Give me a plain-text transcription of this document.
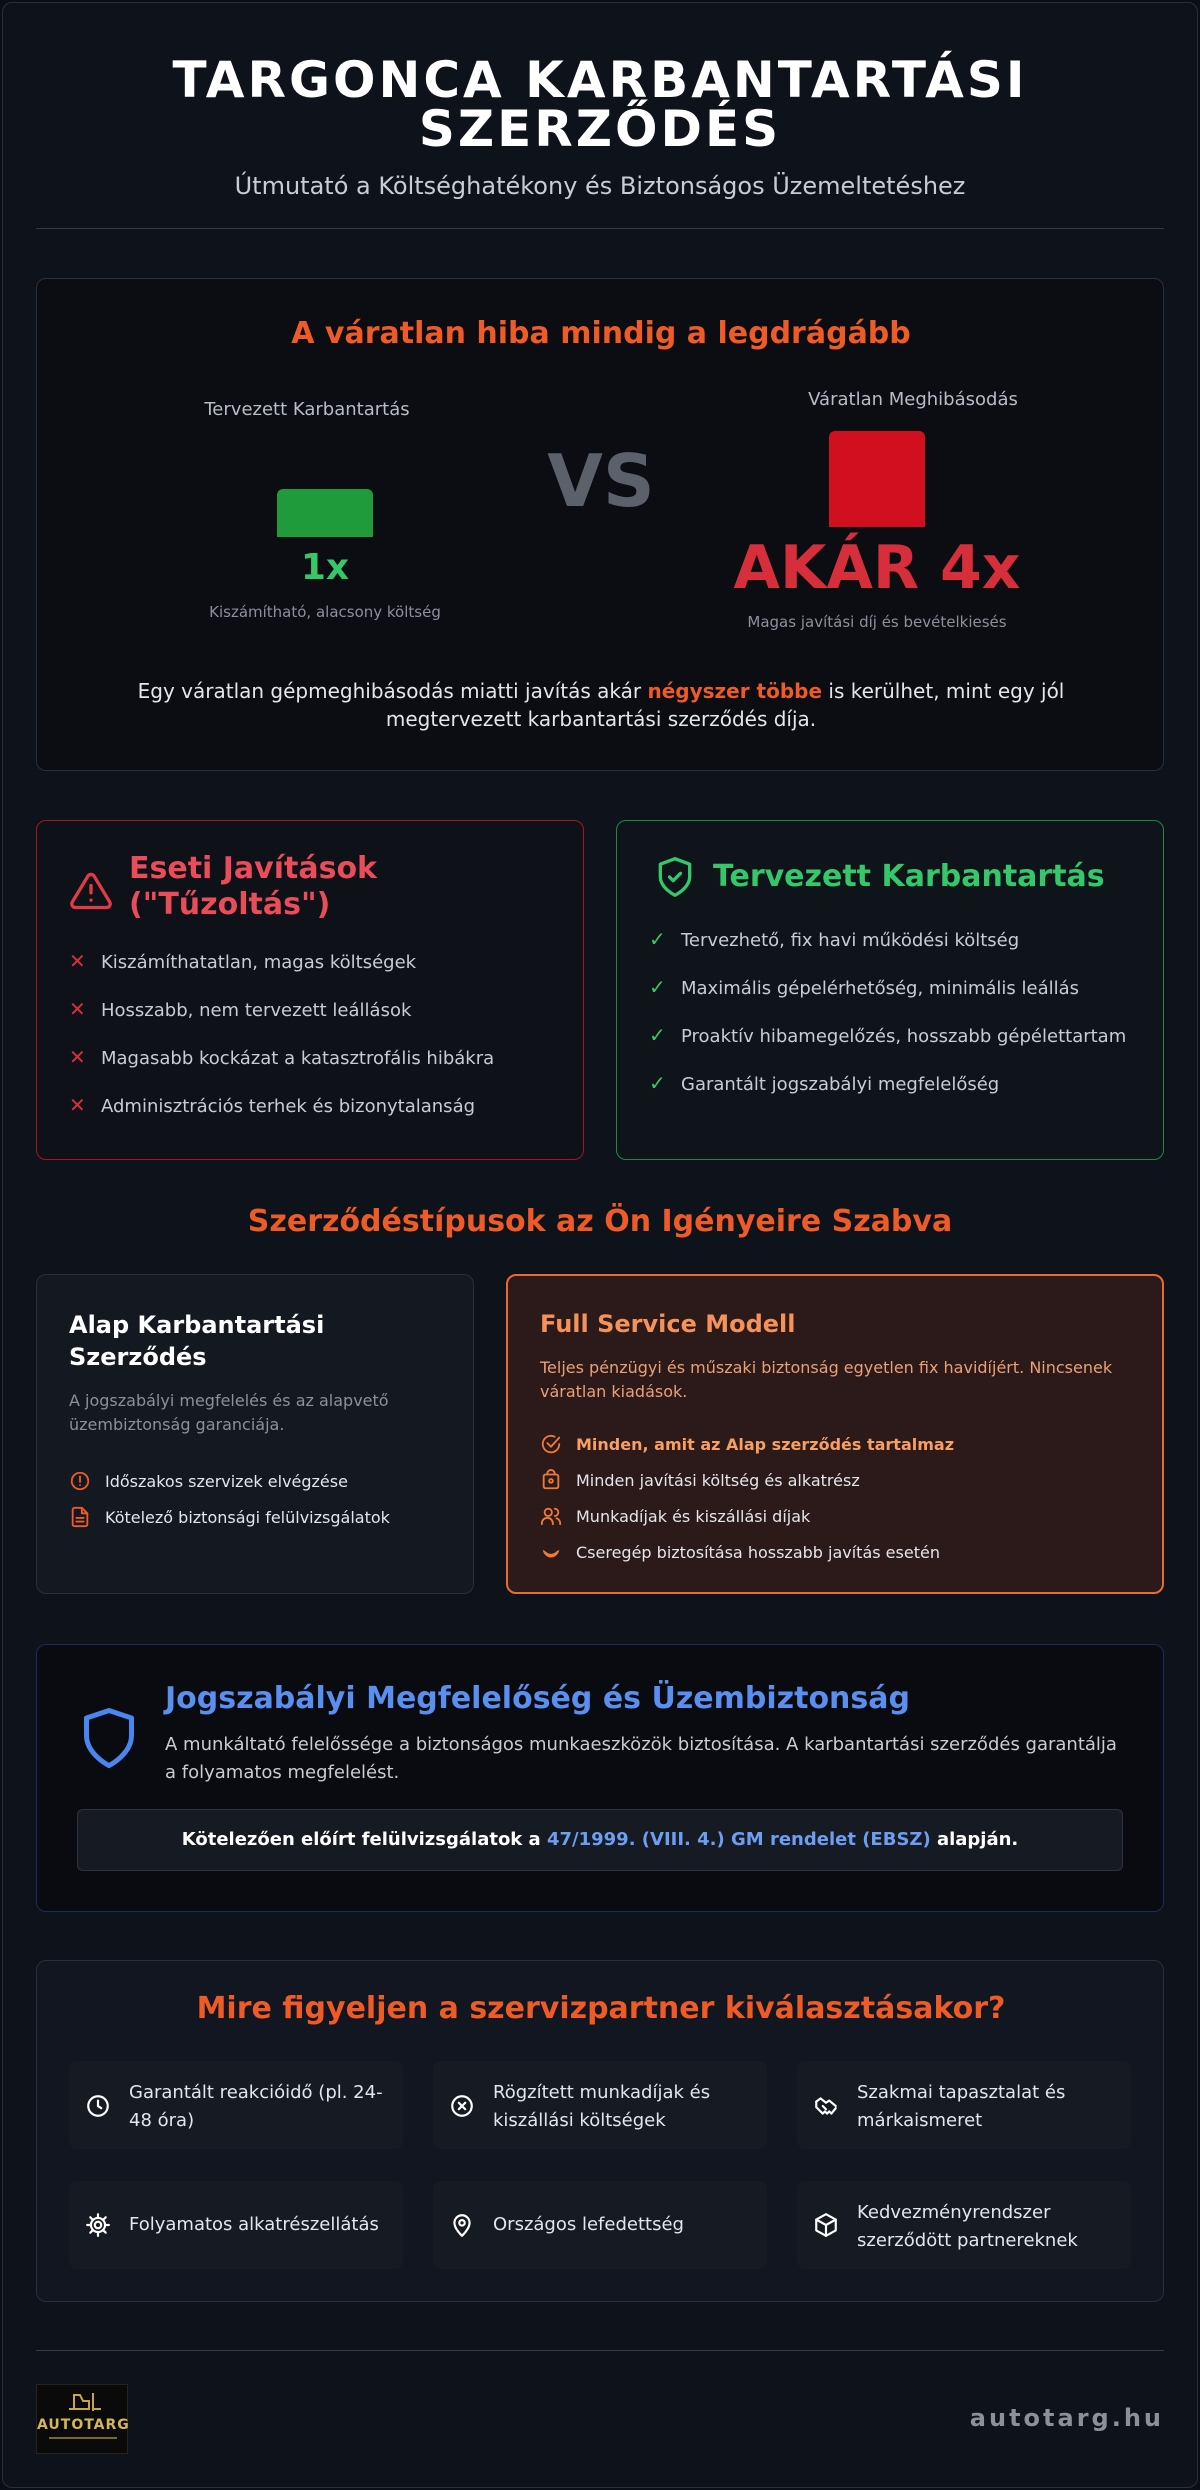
TARGONCA KARBANTARTÁSI SZERZŐDÉS
Útmutató a Költséghatékony és Biztonságos Üzemeltetéshez
A váratlan hiba mindig a legdrágább
Tervezett Karbantartás
1x
Kiszámítható, alacsony költség
VS
Váratlan Meghibásodás
AKÁR 4x
Magas javítási díj és bevételkiesés
Egy váratlan gépmeghibásodás miatti javítás akár négyszer többe is kerülhet, mint egy jól megtervezett karbantartási szerződés díja.
Eseti Javítások ("Tűzoltás")
✕ Kiszámíthatatlan, magas költségek
✕ Hosszabb, nem tervezett leállások
✕ Magasabb kockázat a katasztrofális hibákra
✕ Adminisztrációs terhek és bizonytalanság
Tervezett Karbantartás
✓ Tervezhető, fix havi működési költség
✓ Maximális gépelérhetőség, minimális leállás
✓ Proaktív hibamegelőzés, hosszabb gépélettartam
✓ Garantált jogszabályi megfelelőség
Szerződéstípusok az Ön Igényeire Szabva
Alap Karbantartási Szerződés
A jogszabályi megfelelés és az alapvető üzembiztonság garanciája.
Időszakos szervizek elvégzése
Kötelező biztonsági felülvizsgálatok
Full Service Modell
Teljes pénzügyi és műszaki biztonság egyetlen fix havidíjért. Nincsenek váratlan kiadások.
Minden, amit az Alap szerződés tartalmaz
Minden javítási költség és alkatrész
Munkadíjak és kiszállási díjak
Cseregép biztosítása hosszabb javítás esetén
Jogszabályi Megfelelőség és Üzembiztonság
A munkáltató felelőssége a biztonságos munkaeszközök biztosítása. A karbantartási szerződés garantálja a folyamatos megfelelést.
Kötelezően előírt felülvizsgálatok a 47/1999. (VIII. 4.) GM rendelet (EBSZ) alapján.
Mire figyeljen a szervizpartner kiválasztásakor?
Garantált reakcióidő (pl. 24-48 óra)
Rögzített munkadíjak és kiszállási költségek
Szakmai tapasztalat és márkaismeret
Folyamatos alkatrészellátás	Országos lefedettség
Kedvezményrendszer szerződött partnereknek
AUTOTARG	autotarg.hu
